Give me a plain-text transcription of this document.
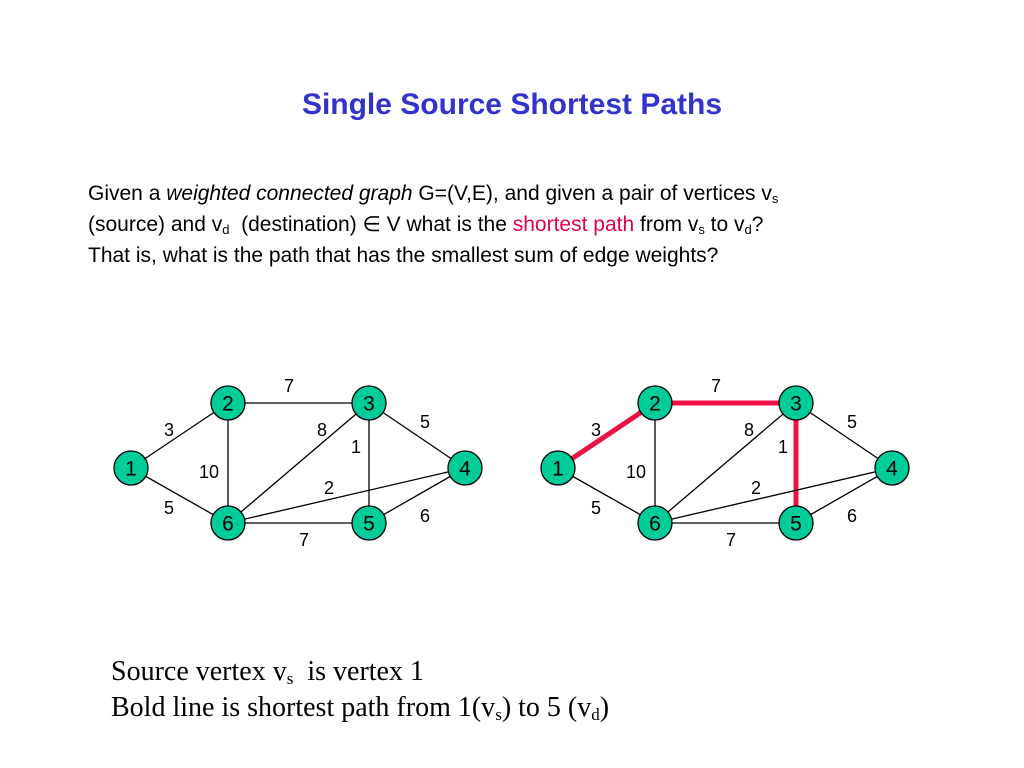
Single Source Shortest Paths
Given a weighted connected graph G=(V,E), and given a pair of vertices $v_s$
(source) and $v_d$  (destination) ∈ V what is the shortest path from $v_s$ to $v_d$?
That is, what is the path that has the smallest sum of edge weights?
3
5
7
10
8
1
5
2
7
6
1
2	3
4
5
6
3
5
7
10
8
1
5
2
7
6
1
2	3
4
5
6
Source vertex $v_s$  is vertex 1
Bold line is shortest path from $1(v_s)$ to 5 $(v_d)$
